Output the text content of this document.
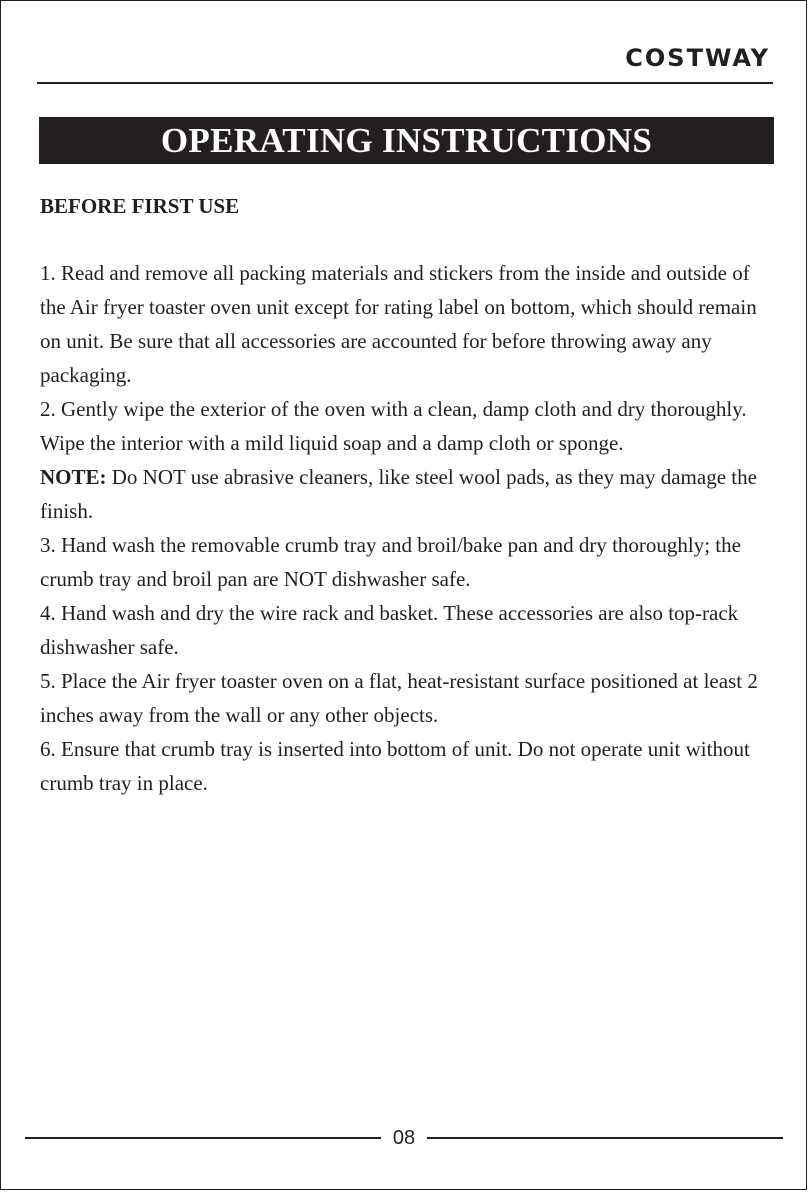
COSTWAY
OPERATING INSTRUCTIONS
BEFORE FIRST USE

1. Read and remove all packing materials and stickers from the inside and outside of the Air fryer toaster oven unit except for rating label on bottom, which should remain on unit. Be sure that all accessories are accounted for before throwing away any packaging.

2. Gently wipe the exterior of the oven with a clean, damp cloth and dry thoroughly. Wipe the interior with a mild liquid soap and a damp cloth or sponge.

NOTE: Do NOT use abrasive cleaners, like steel wool pads, as they may damage the finish.

3. Hand wash the removable crumb tray and broil/bake pan and dry thoroughly; the crumb tray and broil pan are NOT dishwasher safe.

4. Hand wash and dry the wire rack and basket. These accessories are also top-rack dishwasher safe.

5. Place the Air fryer toaster oven on a flat, heat-resistant surface positioned at least 2 inches away from the wall or any other objects.

6. Ensure that crumb tray is inserted into bottom of unit. Do not operate unit without crumb tray in place.

08
